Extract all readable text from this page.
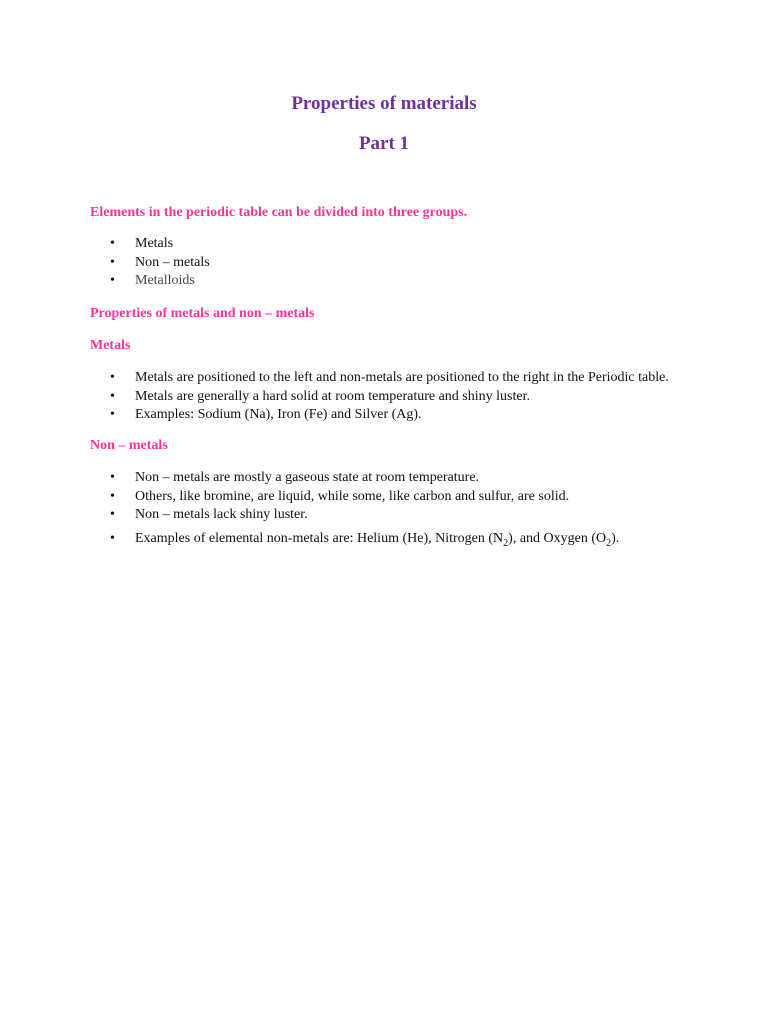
Properties of materials
Part 1

Elements in the periodic table can be divided into three groups.

• Metals
• Non – metals
• Metalloids

Properties of metals and non – metals

Metals

• Metals are positioned to the left and non-metals are positioned to the right in the Periodic table.
• Metals are generally a hard solid at room temperature and shiny luster.
• Examples: Sodium (Na), Iron (Fe) and Silver (Ag).

Non – metals

• Non – metals are mostly a gaseous state at room temperature.
• Others, like bromine, are liquid, while some, like carbon and sulfur, are solid.
• Non – metals lack shiny luster.
• Examples of elemental non-metals are: Helium (He), Nitrogen $(N_2)$, and Oxygen $(O_2)$.
